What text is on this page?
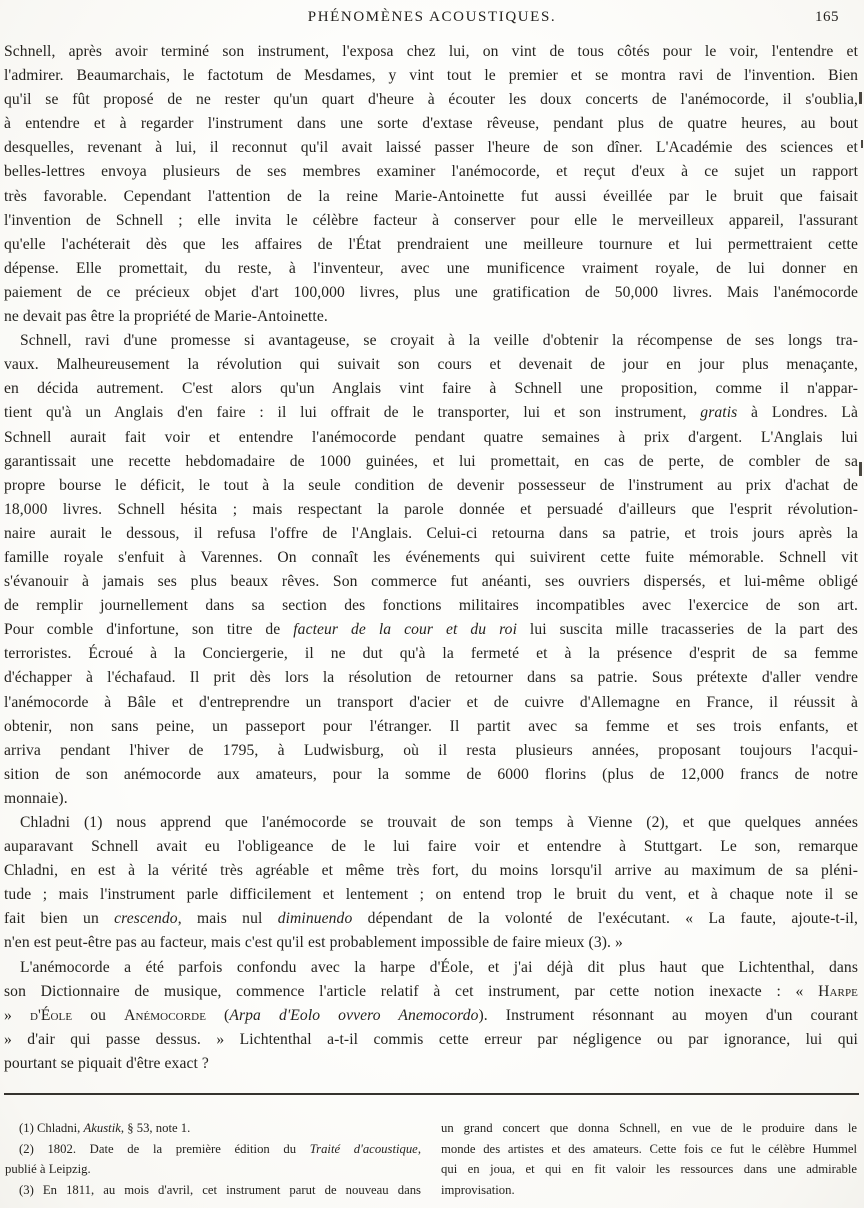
PHÉNOMÈNES ACOUSTIQUES.	165
Schnell, après avoir terminé son instrument, l'exposa chez lui, on vint de tous côtés pour le voir, l'entendre et
l'admirer. Beaumarchais, le factotum de Mesdames, y vint tout le premier et se montra ravi de l'invention. Bien
qu'il se fût proposé de ne rester qu'un quart d'heure à écouter les doux concerts de l'anémocorde, il s'oublia,
à entendre et à regarder l'instrument dans une sorte d'extase rêveuse, pendant plus de quatre heures, au bout
desquelles, revenant à lui, il reconnut qu'il avait laissé passer l'heure de son dîner. L'Académie des sciences et
belles-lettres envoya plusieurs de ses membres examiner l'anémocorde, et reçut d'eux à ce sujet un rapport
très favorable. Cependant l'attention de la reine Marie-Antoinette fut aussi éveillée par le bruit que faisait
l'invention de Schnell ; elle invita le célèbre facteur à conserver pour elle le merveilleux appareil, l'assurant
qu'elle l'achéterait dès que les affaires de l'État prendraient une meilleure tournure et lui permettraient cette
dépense. Elle promettait, du reste, à l'inventeur, avec une munificence vraiment royale, de lui donner en
paiement de ce précieux objet d'art 100,000 livres, plus une gratification de 50,000 livres. Mais l'anémocorde
ne devait pas être la propriété de Marie-Antoinette.
Schnell, ravi d'une promesse si avantageuse, se croyait à la veille d'obtenir la récompense de ses longs tra-
vaux. Malheureusement la révolution qui suivait son cours et devenait de jour en jour plus menaçante,
en décida autrement. C'est alors qu'un Anglais vint faire à Schnell une proposition, comme il n'appar-
tient qu'à un Anglais d'en faire : il lui offrait de le transporter, lui et son instrument, gratis à Londres. Là
Schnell aurait fait voir et entendre l'anémocorde pendant quatre semaines à prix d'argent. L'Anglais lui
garantissait une recette hebdomadaire de 1000 guinées, et lui promettait, en cas de perte, de combler de sa
propre bourse le déficit, le tout à la seule condition de devenir possesseur de l'instrument au prix d'achat de
18,000 livres. Schnell hésita ; mais respectant la parole donnée et persuadé d'ailleurs que l'esprit révolution-
naire aurait le dessous, il refusa l'offre de l'Anglais. Celui-ci retourna dans sa patrie, et trois jours après la
famille royale s'enfuit à Varennes. On connaît les événements qui suivirent cette fuite mémorable. Schnell vit
s'évanouir à jamais ses plus beaux rêves. Son commerce fut anéanti, ses ouvriers dispersés, et lui-même obligé
de remplir journellement dans sa section des fonctions militaires incompatibles avec l'exercice de son art.
Pour comble d'infortune, son titre de facteur de la cour et du roi lui suscita mille tracasseries de la part des
terroristes. Écroué à la Conciergerie, il ne dut qu'à la fermeté et à la présence d'esprit de sa femme
d'échapper à l'échafaud. Il prit dès lors la résolution de retourner dans sa patrie. Sous prétexte d'aller vendre
l'anémocorde à Bâle et d'entreprendre un transport d'acier et de cuivre d'Allemagne en France, il réussit à
obtenir, non sans peine, un passeport pour l'étranger. Il partit avec sa femme et ses trois enfants, et
arriva pendant l'hiver de 1795, à Ludwisburg, où il resta plusieurs années, proposant toujours l'acqui-
sition de son anémocorde aux amateurs, pour la somme de 6000 florins (plus de 12,000 francs de notre
monnaie).
Chladni (1) nous apprend que l'anémocorde se trouvait de son temps à Vienne (2), et que quelques années
auparavant Schnell avait eu l'obligeance de le lui faire voir et entendre à Stuttgart. Le son, remarque
Chladni, en est à la vérité très agréable et même très fort, du moins lorsqu'il arrive au maximum de sa pléni-
tude ; mais l'instrument parle difficilement et lentement ; on entend trop le bruit du vent, et à chaque note il se
fait bien un crescendo, mais nul diminuendo dépendant de la volonté de l'exécutant. « La faute, ajoute-t-il,
n'en est peut-être pas au facteur, mais c'est qu'il est probablement impossible de faire mieux (3). »
L'anémocorde a été parfois confondu avec la harpe d'Éole, et j'ai déjà dit plus haut que Lichtenthal, dans
son Dictionnaire de musique, commence l'article relatif à cet instrument, par cette notion inexacte : « Harpe
» d'Éole ou Anémocorde (Arpa d'Eolo ovvero Anemocordo). Instrument résonnant au moyen d'un courant
» d'air qui passe dessus. » Lichtenthal a-t-il commis cette erreur par négligence ou par ignorance, lui qui
pourtant se piquait d'être exact ?
(1) Chladni, Akustik, § 53, note 1.
(2) 1802. Date de la première édition du Traité d'acoustique,
publié à Leipzig.
(3) En 1811, au mois d'avril, cet instrument parut de nouveau dans
un grand concert que donna Schnell, en vue de le produire dans le
monde des artistes et des amateurs. Cette fois ce fut le célèbre Hummel
qui en joua, et qui en fit valoir les ressources dans une admirable
improvisation.
